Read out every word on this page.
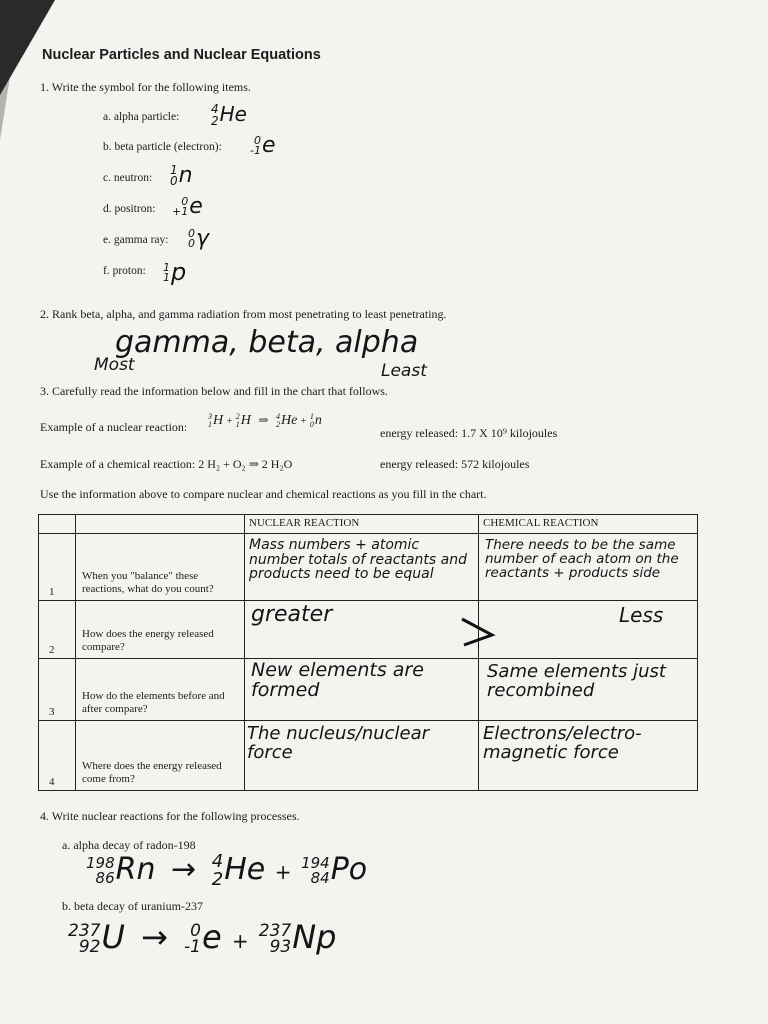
Nuclear Particles and Nuclear Equations
1. Write the symbol for the following items.
a. alpha particle:
4
2 He
b. beta particle (electron):
0
-1 e
c. neutron:
1
0 n
d. positron:
0
+1 e
e. gamma ray:
0
0 γ
f. proton: 1
1 p
2. Rank beta, alpha, and gamma radiation from most penetrating to least penetrating.
gamma, beta, alpha
Most	Least
3. Carefully read the information below and fill in the chart that follows.
Example of a nuclear reaction:
3
1 H + 2
1 H ⇒ 4
2 He + 1
0 n
energy released: 1.7 X 10⁹ kilojoules
Example of a chemical reaction: 2 H₂ + O₂ ⇒ 2 H₂O	energy released: 572 kilojoules
Use the information above to compare nuclear and chemical reactions as you fill in the chart.
		NUCLEAR REACTION	CHEMICAL REACTION

1	When you "balance" these reactions, what do you count?	Mass numbers + atomic number totals of reactants and products need to be equal	There needs to be the same number of each atom on the reactants + products side

2	How does the energy released compare?	greater	Less

3	How do the elements before and after compare?	New elements are formed	Same elements just recombined

4	Where does the energy released come from?	The nucleus/nuclear force	Electrons/electro-magnetic force
4. Write nuclear reactions for the following processes.
a. alpha decay of radon-198
198
86 Rn → 4
2 He + 194
84 Po
b. beta decay of uranium-237
237
92 U → 0
-1 e + 237
93 Np
